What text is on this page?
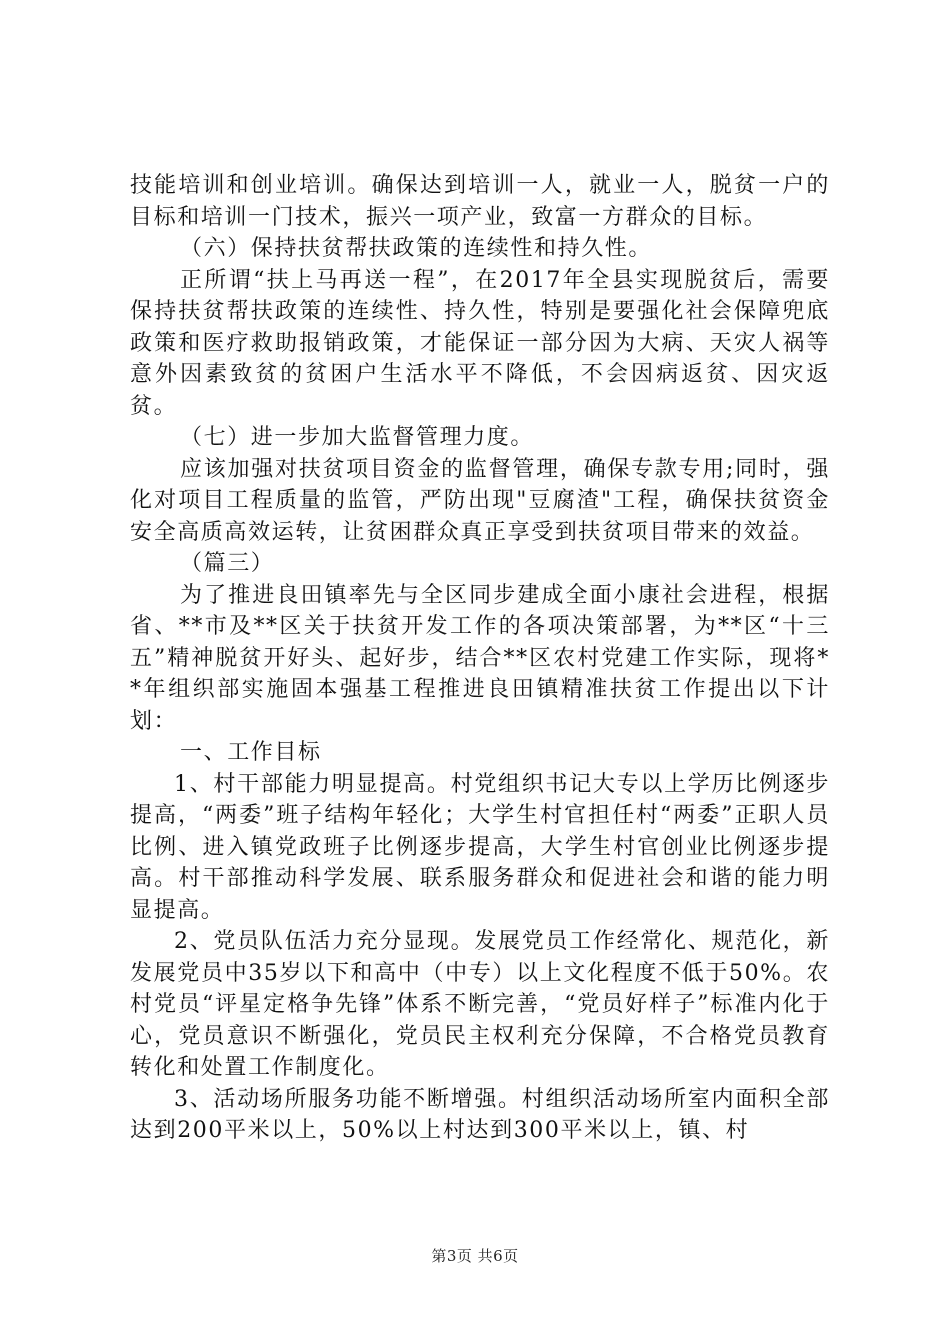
技能培训和创业培训。确保达到培训一人，就业一人，脱贫一户的目标和培训一门技术，振兴一项产业，致富一方群众的目标。

（六）保持扶贫帮扶政策的连续性和持久性。

正所谓“扶上马再送一程”，在2017年全县实现脱贫后，需要保持扶贫帮扶政策的连续性、持久性，特别是要强化社会保障兜底政策和医疗救助报销政策，才能保证一部分因为大病、天灾人祸等意外因素致贫的贫困户生活水平不降低，不会因病返贫、因灾返贫。

（七）进一步加大监督管理力度。

应该加强对扶贫项目资金的监督管理，确保专款专用;同时，强化对项目工程质量的监管，严防出现"豆腐渣"工程，确保扶贫资金安全高质高效运转，让贫困群众真正享受到扶贫项目带来的效益。

（篇三）

为了推进良田镇率先与全区同步建成全面小康社会进程，根据省、**市及**区关于扶贫开发工作的各项决策部署，为**区“十三五”精神脱贫开好头、起好步，结合**区农村党建工作实际，现将**年组织部实施固本强基工程推进良田镇精准扶贫工作提出以下计划：

一、工作目标

1、村干部能力明显提高。村党组织书记大专以上学历比例逐步提高，“两委”班子结构年轻化；大学生村官担任村“两委”正职人员比例、进入镇党政班子比例逐步提高，大学生村官创业比例逐步提高。村干部推动科学发展、联系服务群众和促进社会和谐的能力明显提高。

2、党员队伍活力充分显现。发展党员工作经常化、规范化，新发展党员中35岁以下和高中（中专）以上文化程度不低于50%。农村党员“评星定格争先锋”体系不断完善，“党员好样子”标准内化于心，党员意识不断强化，党员民主权利充分保障，不合格党员教育转化和处置工作制度化。

3、活动场所服务功能不断增强。村组织活动场所室内面积全部达到200平米以上，50%以上村达到300平米以上，镇、村

第3页 共6页
